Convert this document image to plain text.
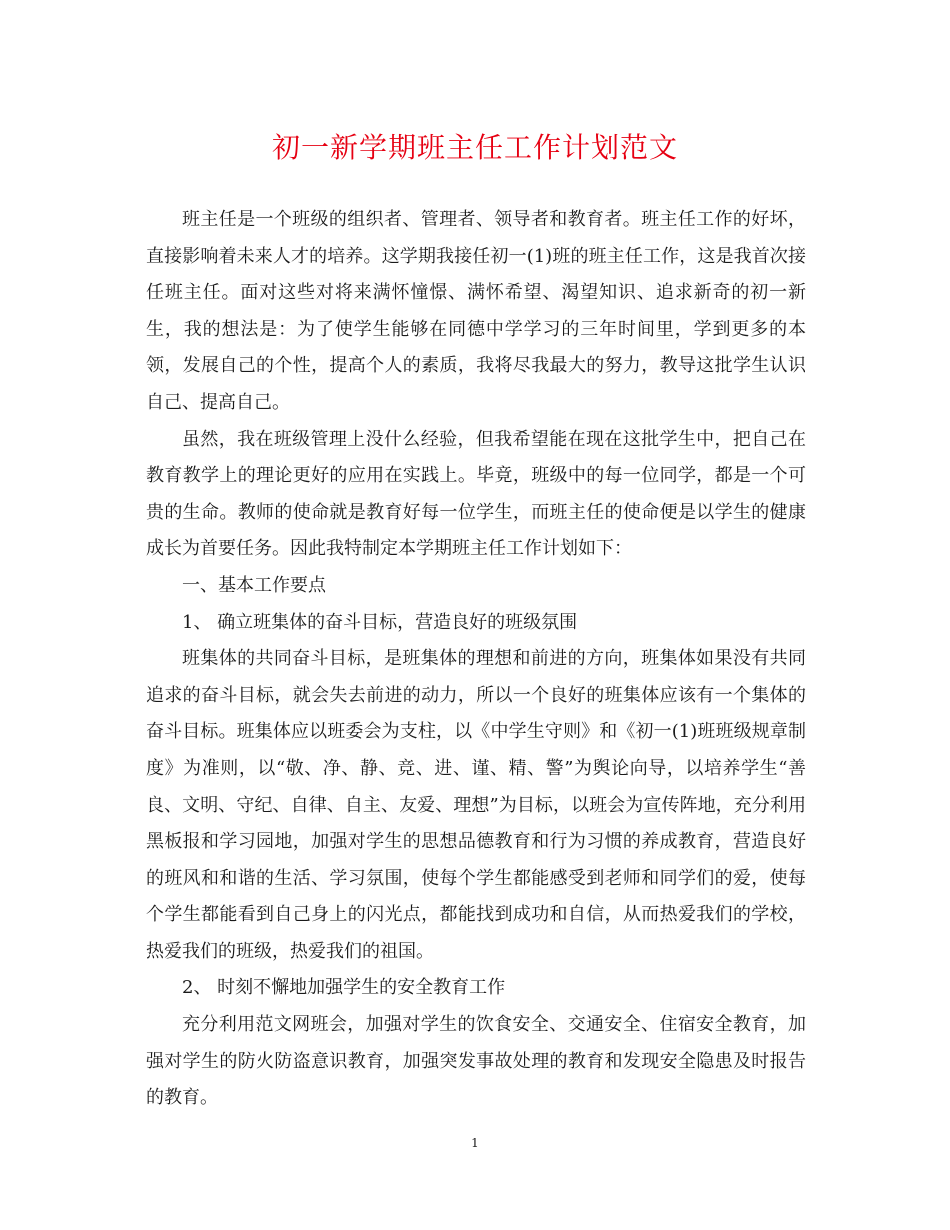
初一新学期班主任工作计划范文

班主任是一个班级的组织者、管理者、领导者和教育者。班主任工作的好坏，直接影响着未来人才的培养。这学期我接任初一(1)班的班主任工作，这是我首次接任班主任。面对这些对将来满怀憧憬、满怀希望、渴望知识、追求新奇的初一新生，我的想法是：为了使学生能够在同德中学学习的三年时间里，学到更多的本领，发展自己的个性，提高个人的素质，我将尽我最大的努力，教导这批学生认识自己、提高自己。

虽然，我在班级管理上没什么经验，但我希望能在现在这批学生中，把自己在教育教学上的理论更好的应用在实践上。毕竟，班级中的每一位同学，都是一个可贵的生命。教师的使命就是教育好每一位学生，而班主任的使命便是以学生的健康成长为首要任务。因此我特制定本学期班主任工作计划如下：

一、基本工作要点

1、 确立班集体的奋斗目标，营造良好的班级氛围

班集体的共同奋斗目标，是班集体的理想和前进的方向，班集体如果没有共同追求的奋斗目标，就会失去前进的动力，所以一个良好的班集体应该有一个集体的奋斗目标。班集体应以班委会为支柱，以《中学生守则》和《初一(1)班班级规章制度》为准则，以“敬、净、静、竞、进、谨、精、警”为舆论向导，以培养学生“善良、文明、守纪、自律、自主、友爱、理想”为目标，以班会为宣传阵地，充分利用黑板报和学习园地，加强对学生的思想品德教育和行为习惯的养成教育，营造良好的班风和和谐的生活、学习氛围，使每个学生都能感受到老师和同学们的爱，使每个学生都能看到自己身上的闪光点，都能找到成功和自信，从而热爱我们的学校，热爱我们的班级，热爱我们的祖国。

2、 时刻不懈地加强学生的安全教育工作

充分利用范文网班会，加强对学生的饮食安全、交通安全、住宿安全教育，加强对学生的防火防盗意识教育，加强突发事故处理的教育和发现安全隐患及时报告的教育。

1
